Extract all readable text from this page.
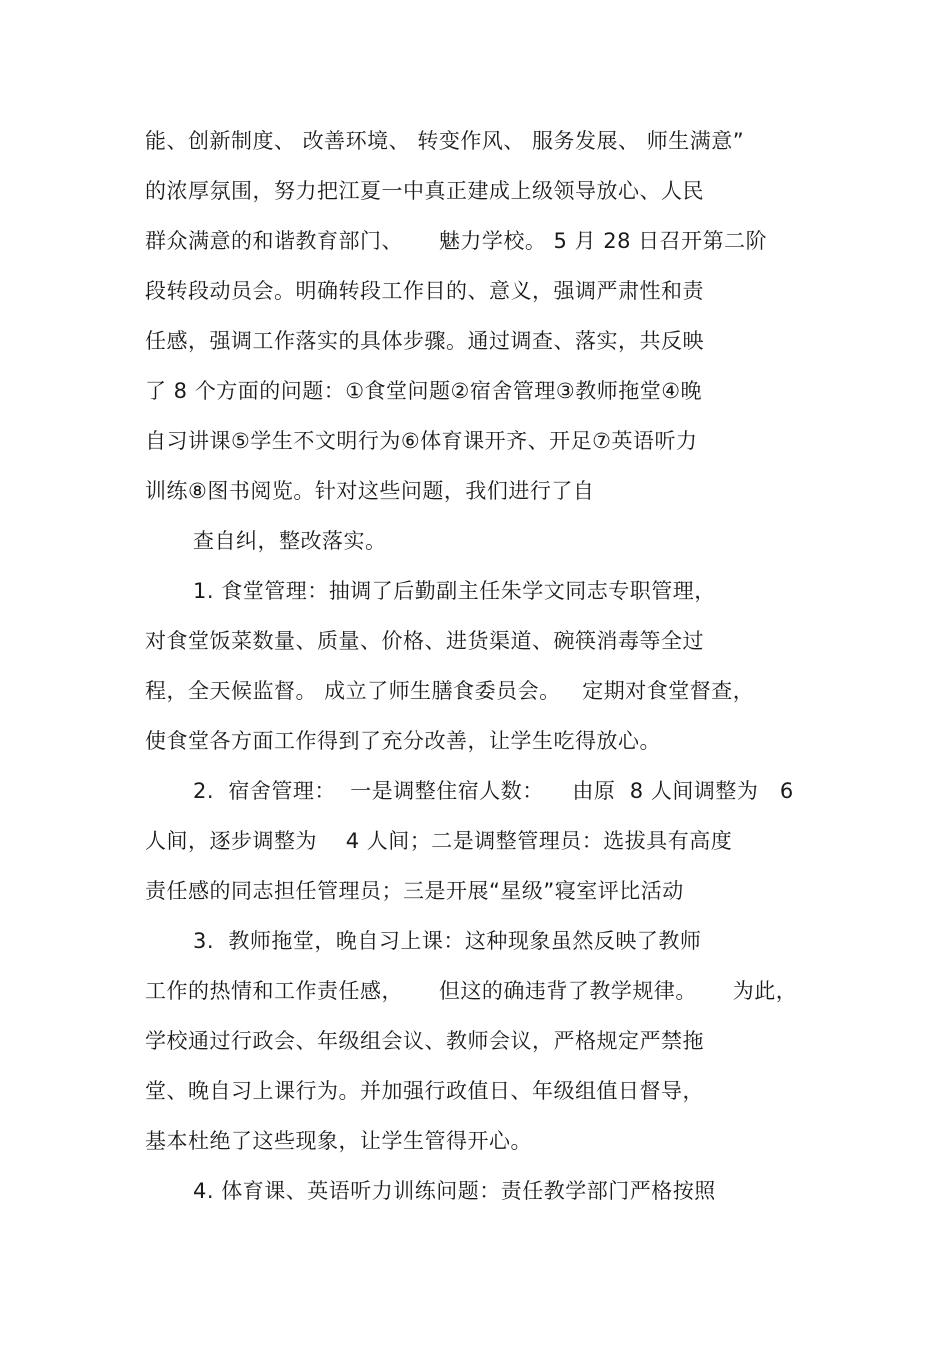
能、创新制度、 改善环境、 转变作风、 服务发展、 师生满意”
的浓厚氛围，努力把江夏一中真正建成上级领导放心、人民
群众满意的和谐教育部门、     魅力学校。 5 月 28 日召开第二阶
段转段动员会。明确转段工作目的、意义，强调严肃性和责
任感，强调工作落实的具体步骤。通过调查、落实，共反映
了 8 个方面的问题：①食堂问题②宿舍管理③教师拖堂④晚
自习讲课⑤学生不文明行为⑥体育课开齐、开足⑦英语听力
训练⑧图书阅览。针对这些问题，我们进行了自
查自纠，整改落实。
1. 食堂管理：抽调了后勤副主任朱学文同志专职管理，
对食堂饭菜数量、质量、价格、进货渠道、碗筷消毒等全过
程，全天候监督。 成立了师生膳食委员会。   定期对食堂督查，
使食堂各方面工作得到了充分改善，让学生吃得放心。
2.  宿舍管理：  一是调整住宿人数：    由原  8 人间调整为   6
人间，逐步调整为    4 人间；二是调整管理员：选拔具有高度
责任感的同志担任管理员；三是开展“星级”寝室评比活动
3.  教师拖堂，晚自习上课：这种现象虽然反映了教师
工作的热情和工作责任感，     但这的确违背了教学规律。     为此，
学校通过行政会、年级组会议、教师会议，严格规定严禁拖
堂、晚自习上课行为。并加强行政值日、年级组值日督导，
基本杜绝了这些现象，让学生管得开心。
4. 体育课、英语听力训练问题：责任教学部门严格按照
